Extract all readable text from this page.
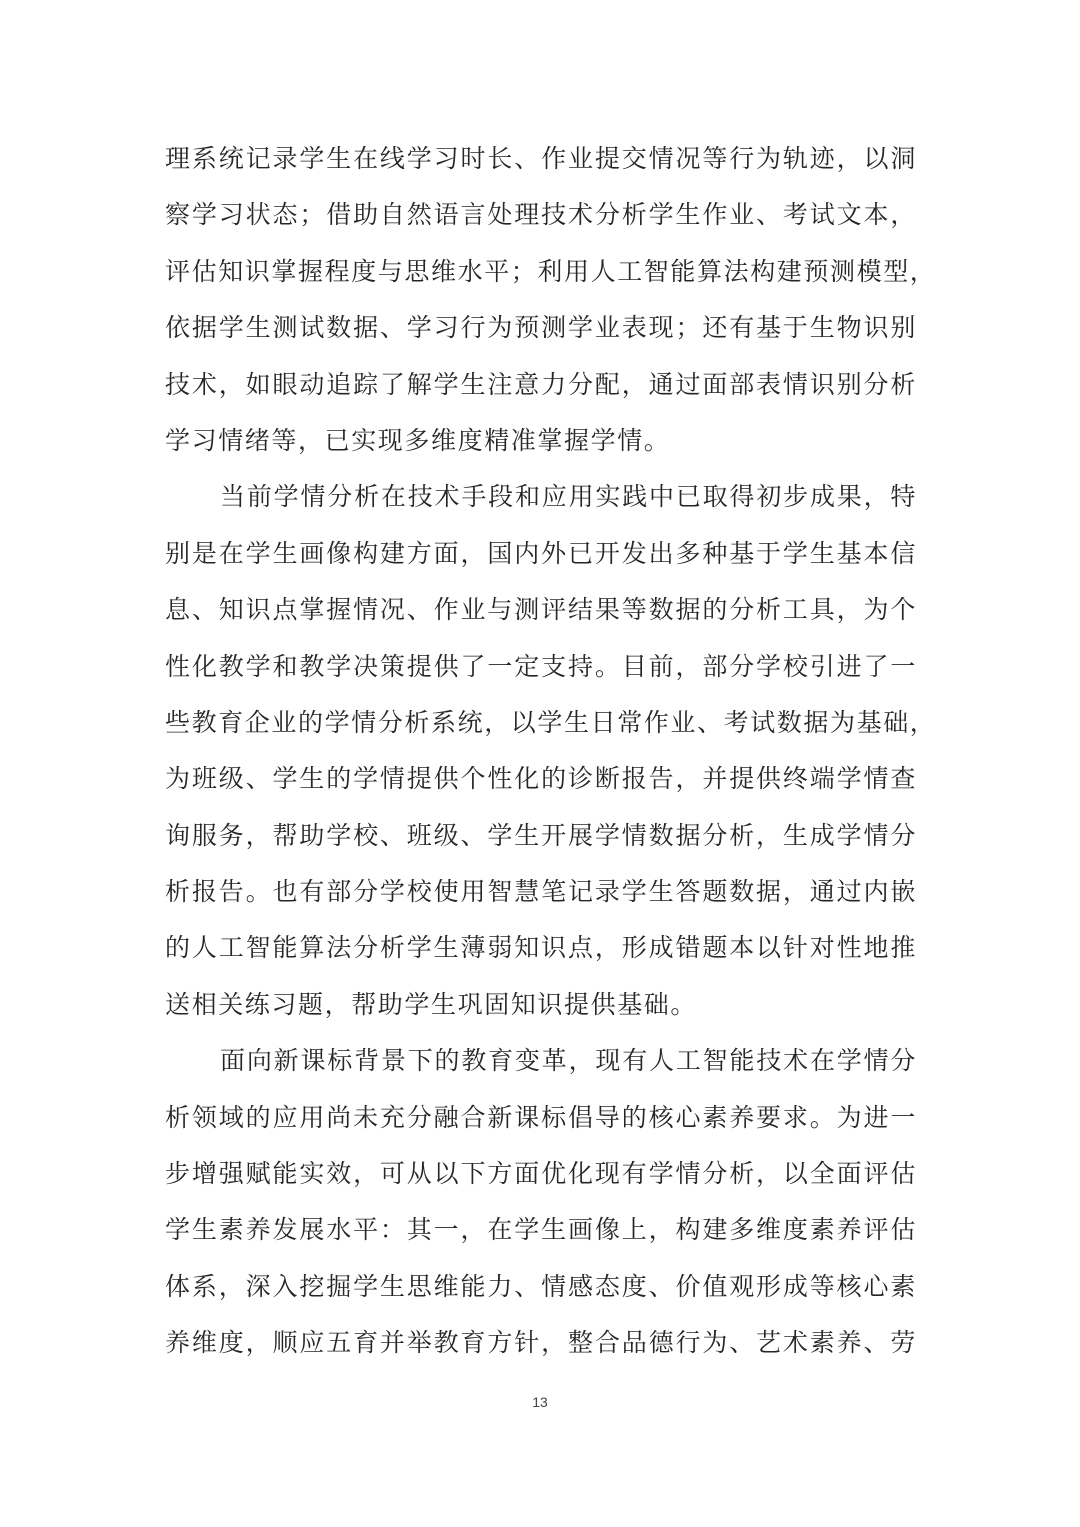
理系统记录学生在线学习时长、作业提交情况等行为轨迹，以洞
察学习状态；借助自然语言处理技术分析学生作业、考试文本，
评估知识掌握程度与思维水平；利用人工智能算法构建预测模型，
依据学生测试数据、学习行为预测学业表现；还有基于生物识别
技术，如眼动追踪了解学生注意力分配，通过面部表情识别分析
学习情绪等，已实现多维度精准掌握学情。
当前学情分析在技术手段和应用实践中已取得初步成果，特
别是在学生画像构建方面，国内外已开发出多种基于学生基本信
息、知识点掌握情况、作业与测评结果等数据的分析工具，为个
性化教学和教学决策提供了一定支持。目前，部分学校引进了一
些教育企业的学情分析系统，以学生日常作业、考试数据为基础，
为班级、学生的学情提供个性化的诊断报告，并提供终端学情查
询服务，帮助学校、班级、学生开展学情数据分析，生成学情分
析报告。也有部分学校使用智慧笔记录学生答题数据，通过内嵌
的人工智能算法分析学生薄弱知识点，形成错题本以针对性地推
送相关练习题，帮助学生巩固知识提供基础。
面向新课标背景下的教育变革，现有人工智能技术在学情分
析领域的应用尚未充分融合新课标倡导的核心素养要求。为进一
步增强赋能实效，可从以下方面优化现有学情分析，以全面评估
学生素养发展水平：其一，在学生画像上，构建多维度素养评估
体系，深入挖掘学生思维能力、情感态度、价值观形成等核心素
养维度，顺应五育并举教育方针，整合品德行为、艺术素养、劳
13
